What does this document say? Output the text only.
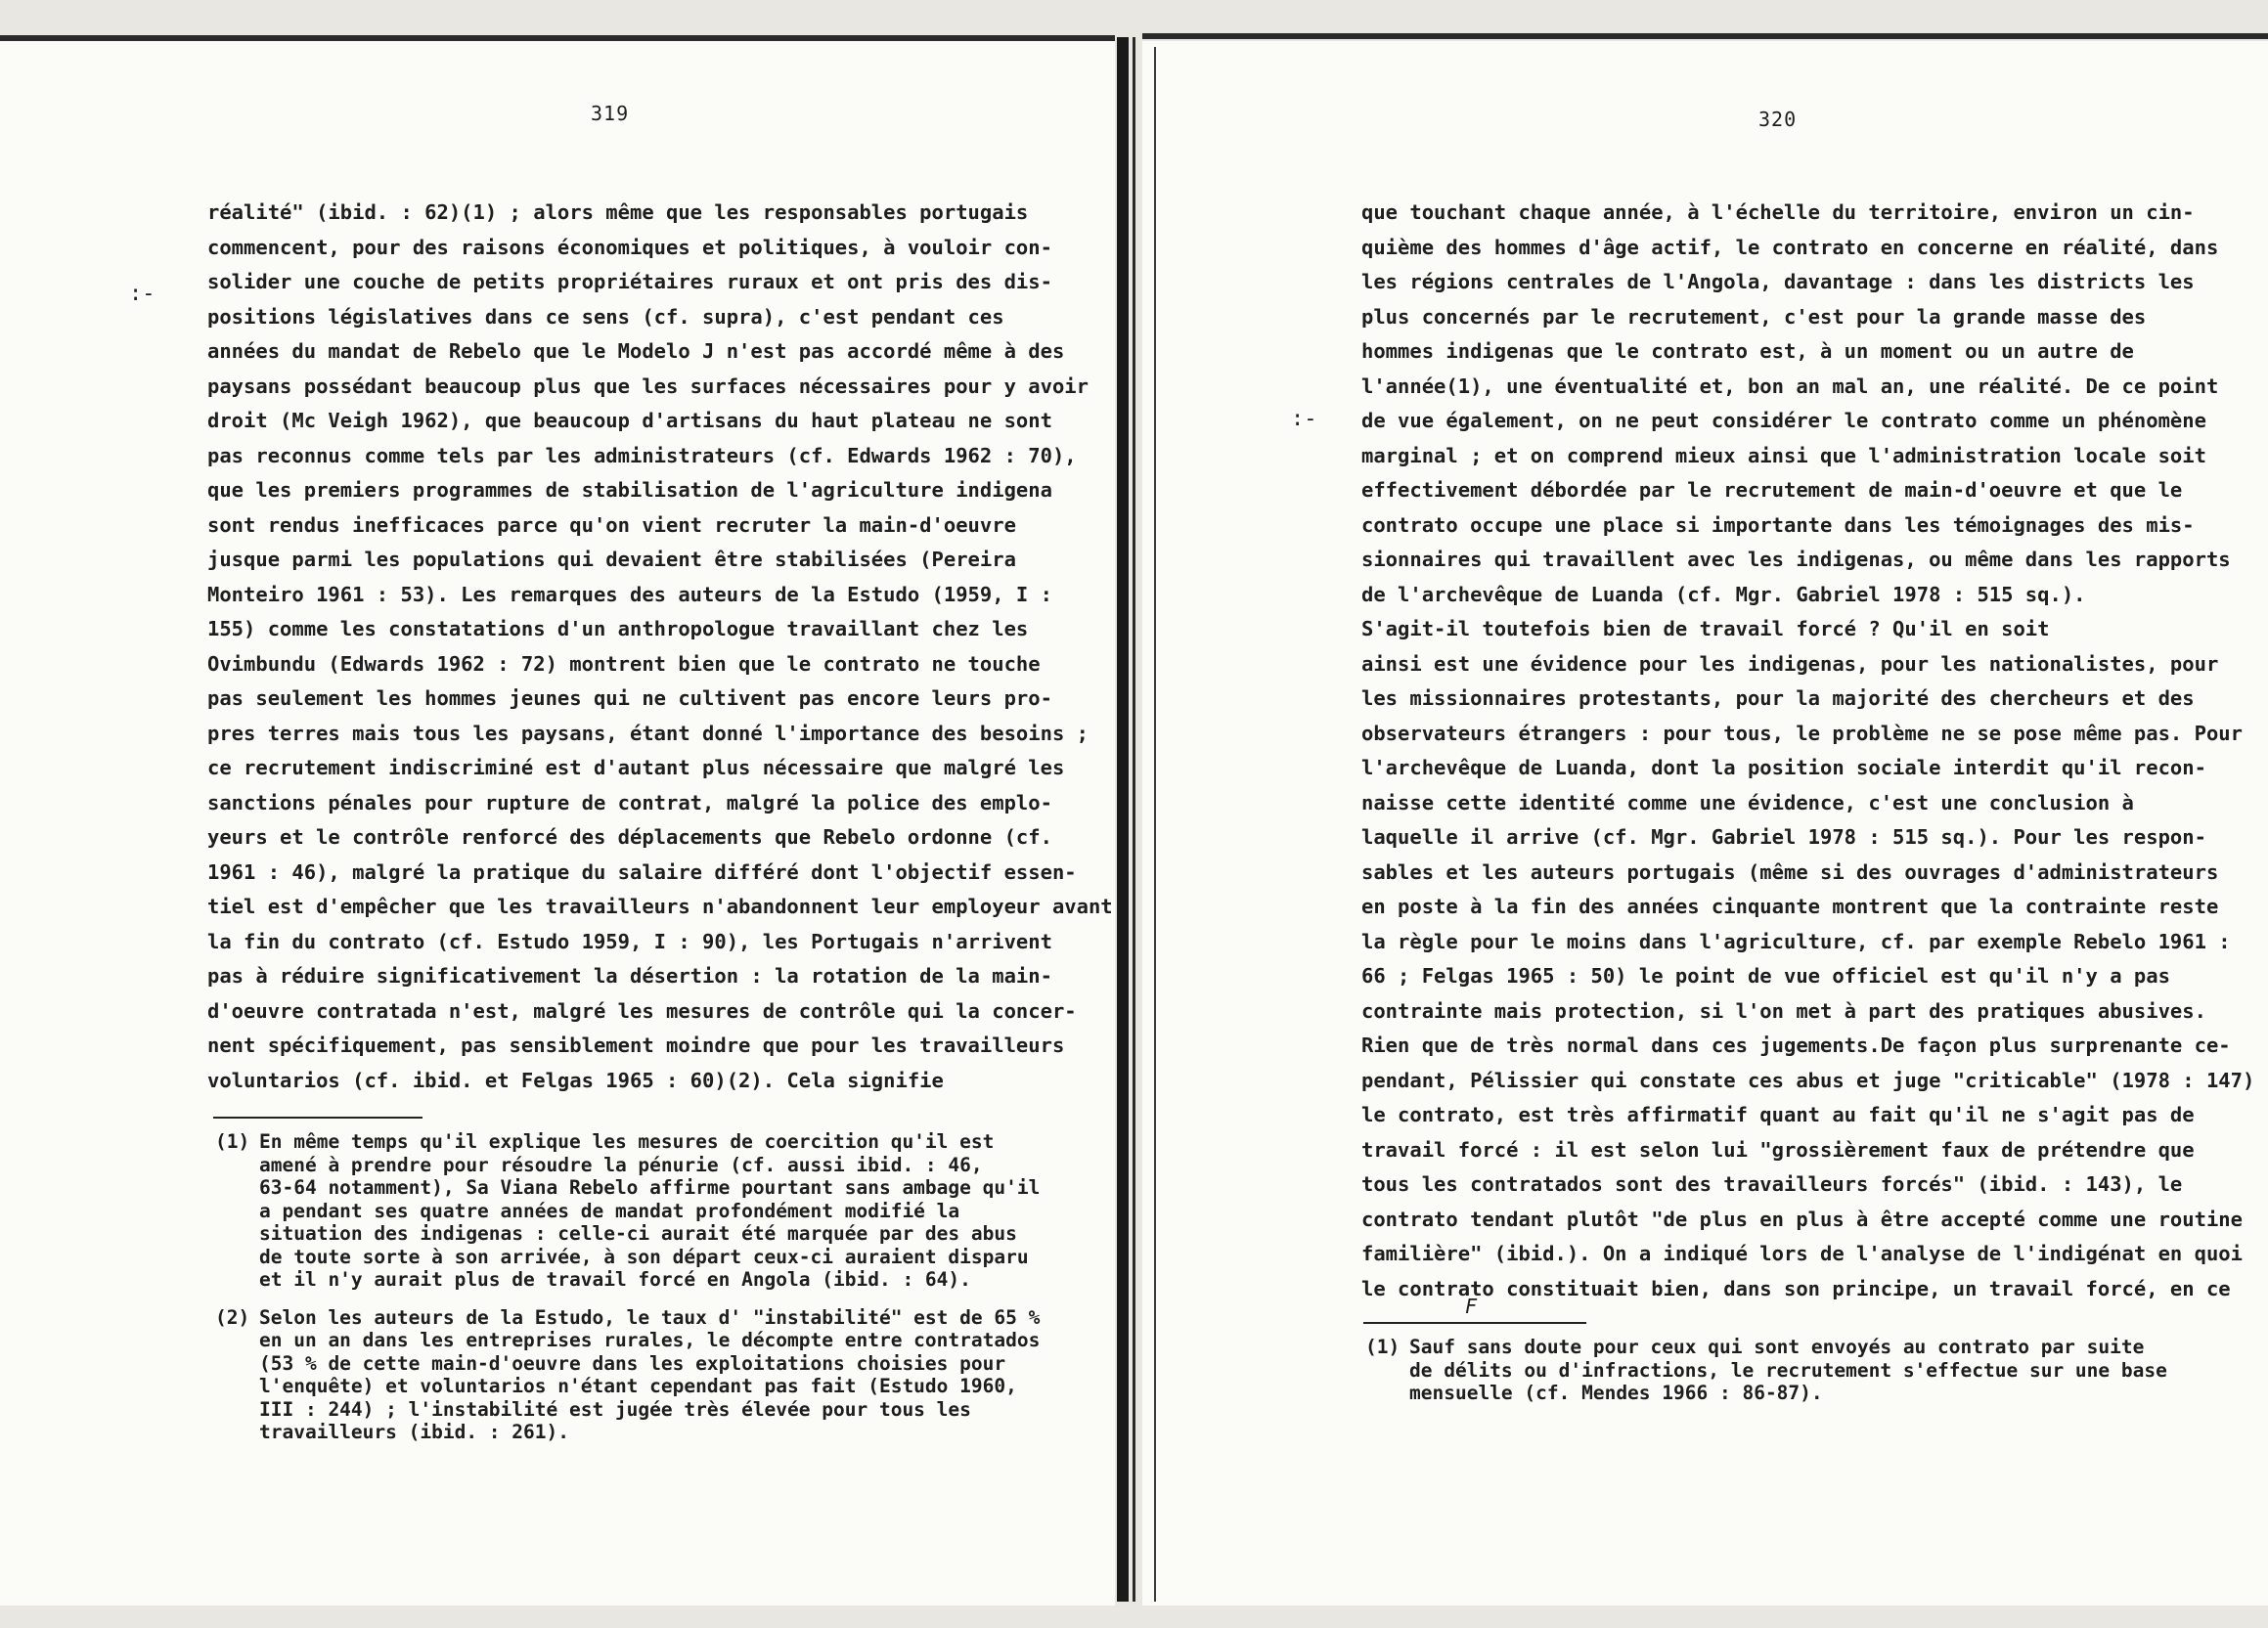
319
:-
réalité" (ibid. : 62)(1) ; alors même que les responsables portugais
commencent, pour des raisons économiques et politiques, à vouloir con-
solider une couche de petits propriétaires ruraux et ont pris des dis-
positions législatives dans ce sens (cf. supra), c'est pendant ces
années du mandat de Rebelo que le Modelo J n'est pas accordé même à des
paysans possédant beaucoup plus que les surfaces nécessaires pour y avoir
droit (Mc Veigh 1962), que beaucoup d'artisans du haut plateau ne sont
pas reconnus comme tels par les administrateurs (cf. Edwards 1962 : 70),
que les premiers programmes de stabilisation de l'agriculture indigena
sont rendus inefficaces parce qu'on vient recruter la main-d'oeuvre
jusque parmi les populations qui devaient être stabilisées (Pereira
Monteiro 1961 : 53). Les remarques des auteurs de la Estudo (1959, I :
155) comme les constatations d'un anthropologue travaillant chez les
Ovimbundu (Edwards 1962 : 72) montrent bien que le contrato ne touche
pas seulement les hommes jeunes qui ne cultivent pas encore leurs pro-
pres terres mais tous les paysans, étant donné l'importance des besoins ;
ce recrutement indiscriminé est d'autant plus nécessaire que malgré les
sanctions pénales pour rupture de contrat, malgré la police des emplo-
yeurs et le contrôle renforcé des déplacements que Rebelo ordonne (cf.
1961 : 46), malgré la pratique du salaire différé dont l'objectif essen-
tiel est d'empêcher que les travailleurs n'abandonnent leur employeur avant
la fin du contrato (cf. Estudo 1959, I : 90), les Portugais n'arrivent
pas à réduire significativement la désertion : la rotation de la main-
d'oeuvre contratada n'est, malgré les mesures de contrôle qui la concer-
nent spécifiquement, pas sensiblement moindre que pour les travailleurs
voluntarios (cf. ibid. et Felgas 1965 : 60)(2). Cela signifie
(1) En même temps qu'il explique les mesures de coercition qu'il est
amené à prendre pour résoudre la pénurie (cf. aussi ibid. : 46,
63-64 notamment), Sa Viana Rebelo affirme pourtant sans ambage qu'il
a pendant ses quatre années de mandat profondément modifié la
situation des indigenas : celle-ci aurait été marquée par des abus
de toute sorte à son arrivée, à son départ ceux-ci auraient disparu
et il n'y aurait plus de travail forcé en Angola (ibid. : 64).
(2) Selon les auteurs de la Estudo, le taux d' "instabilité" est de 65 %
en un an dans les entreprises rurales, le décompte entre contratados
(53 % de cette main-d'oeuvre dans les exploitations choisies pour
l'enquête) et voluntarios n'étant cependant pas fait (Estudo 1960,
III : 244) ; l'instabilité est jugée très élevée pour tous les
travailleurs (ibid. : 261).
320
:-
que touchant chaque année, à l'échelle du territoire, environ un cin-
quième des hommes d'âge actif, le contrato en concerne en réalité, dans
les régions centrales de l'Angola, davantage : dans les districts les
plus concernés par le recrutement, c'est pour la grande masse des
hommes indigenas que le contrato est, à un moment ou un autre de
l'année(1), une éventualité et, bon an mal an, une réalité. De ce point
de vue également, on ne peut considérer le contrato comme un phénomène
marginal ; et on comprend mieux ainsi que l'administration locale soit
effectivement débordée par le recrutement de main-d'oeuvre et que le
contrato occupe une place si importante dans les témoignages des mis-
sionnaires qui travaillent avec les indigenas, ou même dans les rapports
de l'archevêque de Luanda (cf. Mgr. Gabriel 1978 : 515 sq.).
S'agit-il toutefois bien de travail forcé ? Qu'il en soit
ainsi est une évidence pour les indigenas, pour les nationalistes, pour
les missionnaires protestants, pour la majorité des chercheurs et des
observateurs étrangers : pour tous, le problème ne se pose même pas. Pour
l'archevêque de Luanda, dont la position sociale interdit qu'il recon-
naisse cette identité comme une évidence, c'est une conclusion à
laquelle il arrive (cf. Mgr. Gabriel 1978 : 515 sq.). Pour les respon-
sables et les auteurs portugais (même si des ouvrages d'administrateurs
en poste à la fin des années cinquante montrent que la contrainte reste
la règle pour le moins dans l'agriculture, cf. par exemple Rebelo 1961 :
66 ; Felgas 1965 : 50) le point de vue officiel est qu'il n'y a pas
contrainte mais protection, si l'on met à part des pratiques abusives.
Rien que de très normal dans ces jugements.De façon plus surprenante ce-
pendant, Pélissier qui constate ces abus et juge "criticable" (1978 : 147)
le contrato, est très affirmatif quant au fait qu'il ne s'agit pas de
travail forcé : il est selon lui "grossièrement faux de prétendre que
tous les contratados sont des travailleurs forcés" (ibid. : 143), le
contrato tendant plutôt "de plus en plus à être accepté comme une routine
familière" (ibid.). On a indiqué lors de l'analyse de l'indigénat en quoi
le contrato constituait bien, dans son principe, un travail forcé, en ce
F
(1) Sauf sans doute pour ceux qui sont envoyés au contrato par suite
de délits ou d'infractions, le recrutement s'effectue sur une base
mensuelle (cf. Mendes 1966 : 86-87).
